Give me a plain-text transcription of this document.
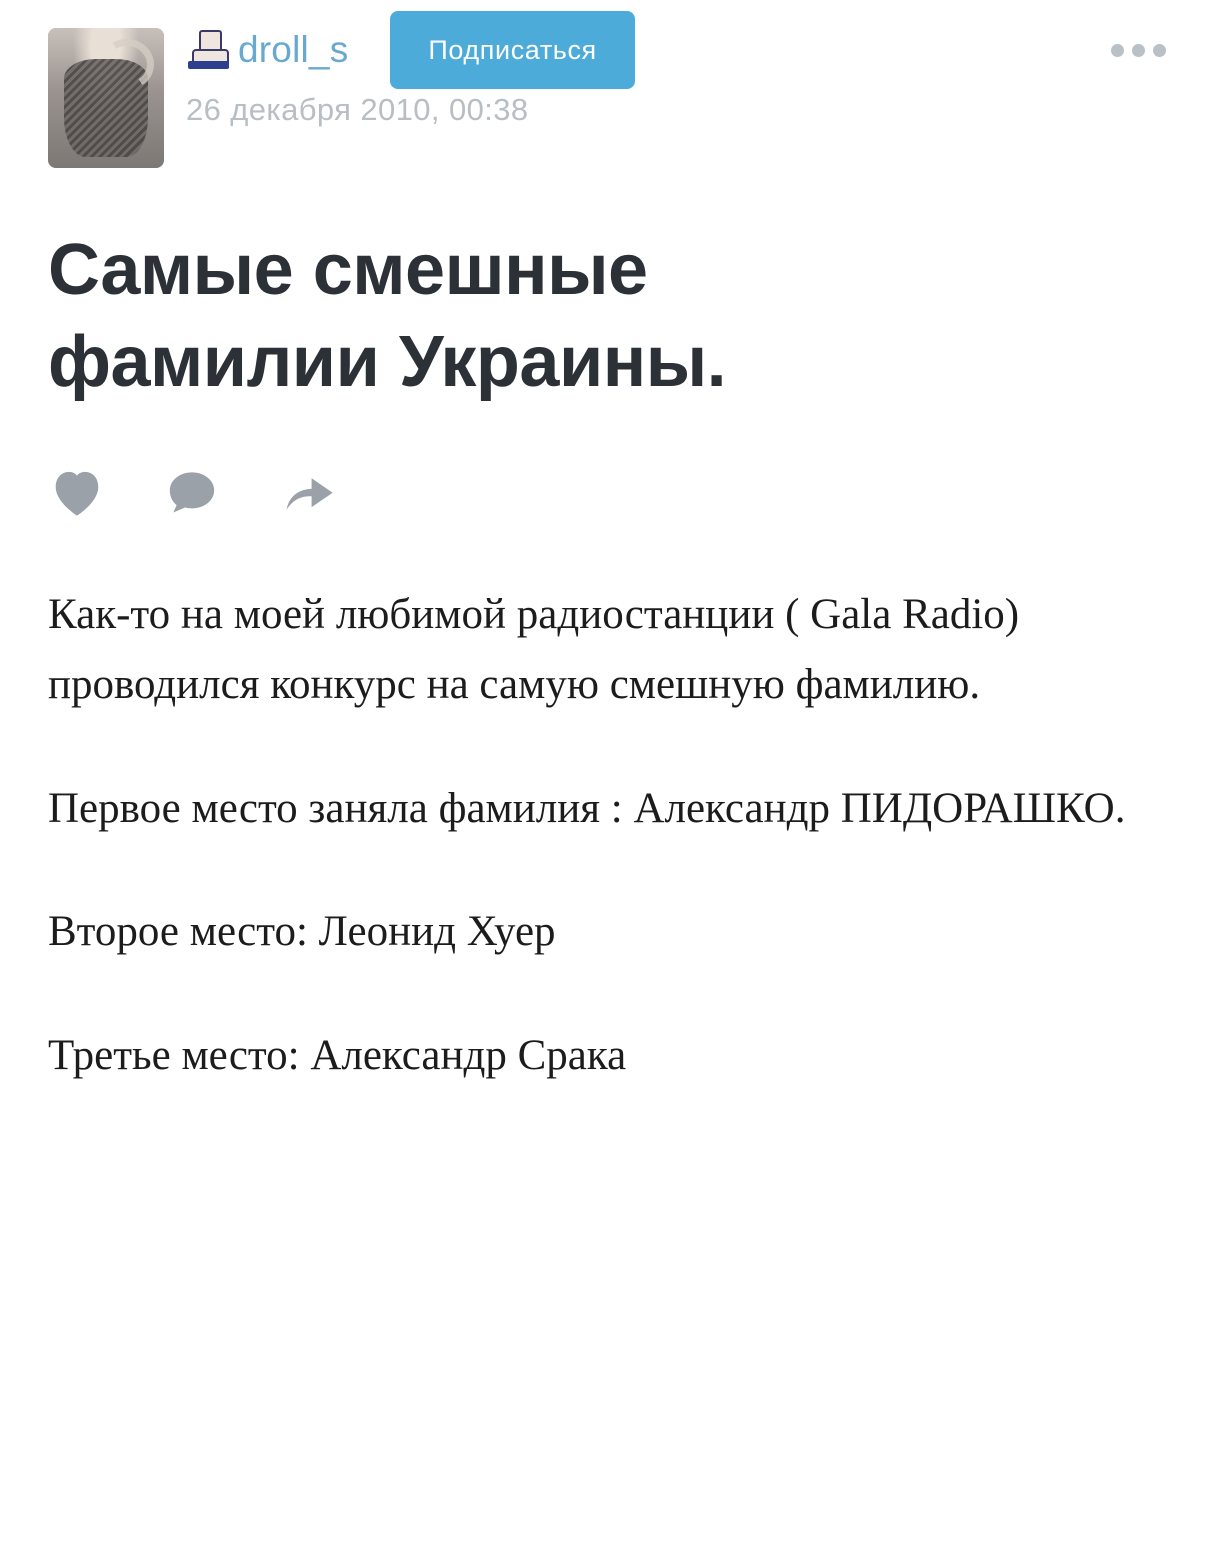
droll_s	Подписаться
26 декабря 2010, 00:38
Самые смешные фамилии Украины.

Как-то на моей любимой радиостанции ( Gala Radio) проводился конкурс на самую смешную фамилию.

Первое место заняла фамилия : Александр ПИДОРАШКО.

Второе место: Леонид Хуер

Третье место: Александр Срака
